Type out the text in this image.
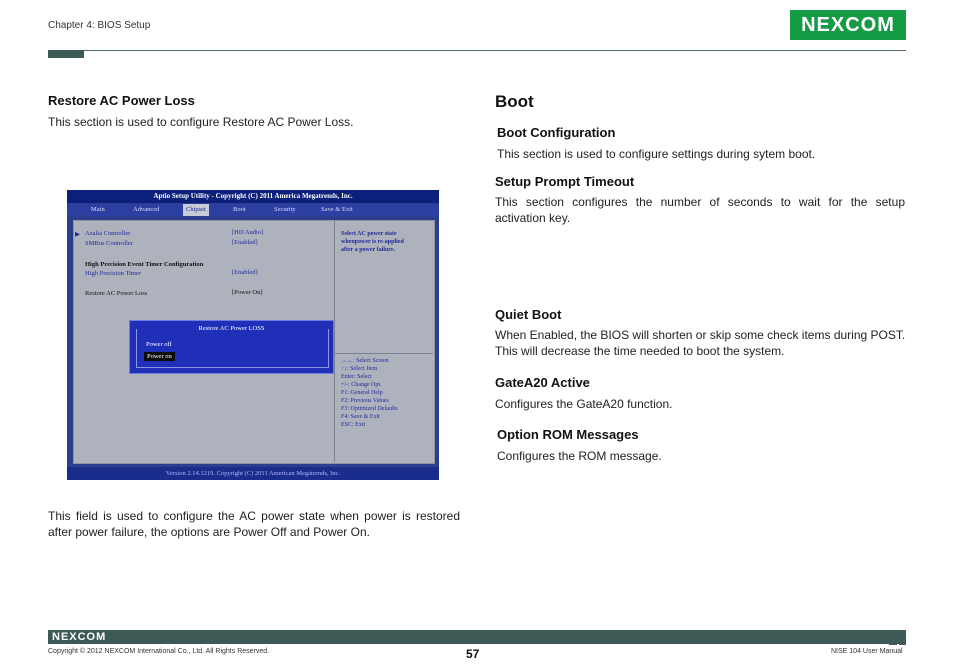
Chapter 4: BIOS Setup	NEXCOM
Restore AC Power Loss
This section is used to configure Restore AC Power Loss.
Aptio Setup Utility - Copyright (C) 2011 America Megatrends, Inc.
Main	Advanced	Chipset	Boot	Security	Save & Exit
▶ Azalia Controller	[HD Audio]
SMBus Controller	[Enabled]
High Precision Event Timer Configuration
High Precision Timer	[Enabled]
Restore AC Power Loss	[Power On]
Select AC power state
whenpower is re-applied
after a power failure.
→←: Select Screen
↑↓: Select Item
Enter: Select
+/-: Change Opt.
F1: General Help
F2: Previous Values
F3: Optimized Defaults
F4: Save & Exit
ESC: Exit
Restore AC Power LOSS
Power off
Power on
Version 2.14.1219. Copyright (C) 2011 American Megatrends, Inc.
This field is used to configure the AC power state when power is restored after power failure, the options are Power Off and Power On.
Boot
Boot Configuration
This section is used to configure settings during sytem boot.
Setup Prompt Timeout
This section configures the number of seconds to wait for the setup activation key.
Quiet Boot
When Enabled, the BIOS will shorten or skip some check items during POST. This will decrease the time needed to boot the system.
GateA20 Active
Configures the GateA20 function.
Option ROM Messages
Configures the ROM message.
NEXCOM
Copyright © 2012 NEXCOM International Co., Ltd. All Rights Reserved.	57	NISE 104 User Manual
